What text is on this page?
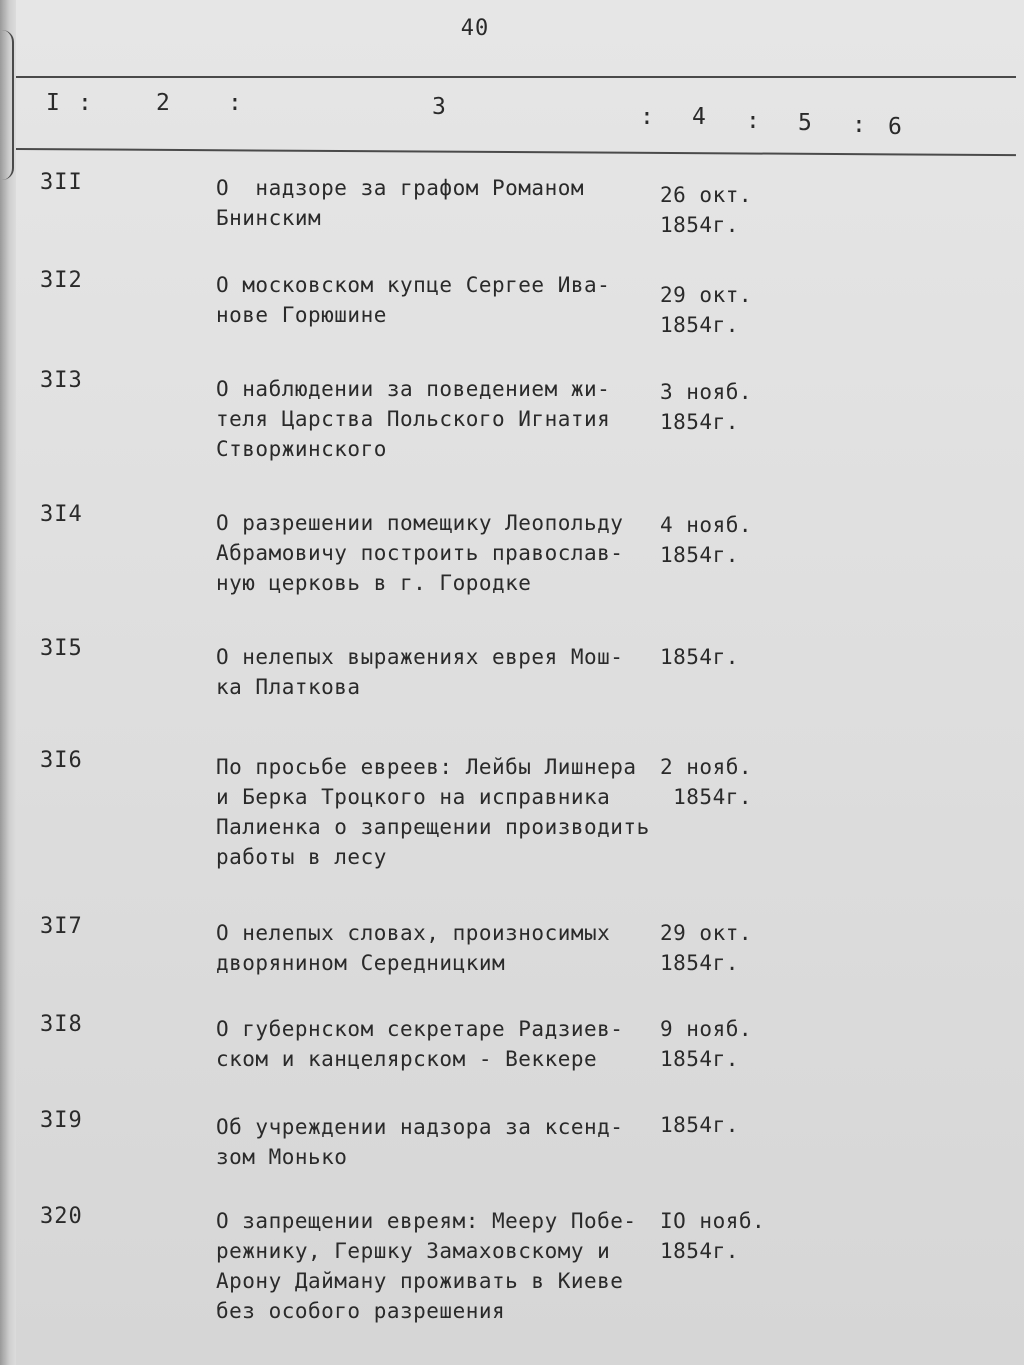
40
I :	2	:	3	: 4 : 5 : 6
3II	О  надзоре за графом Романом
Бнинским
26 окт.
1854г.
3I2	О московском купце Сергее Ива-
нове Горюшине
29 окт.
1854г.
3I3	О наблюдении за поведением жи-
теля Царства Польского Игнатия
Створжинского
3 нояб.
1854г.
3I4	О разрешении помещику Леопольду
Абрамовичу построить православ-
ную церковь в г. Городке
4 нояб.
1854г.
3I5	О нелепых выражениях еврея Мош-
ка Платкова
1854г.
3I6	По просьбе евреев: Лейбы Лишнера
и Берка Троцкого на исправника
Палиенка о запрещении производить
работы в лесу
2 нояб.
1854г.
3I7	О нелепых словах, произносимых
дворянином Середницким
29 окт.
1854г.
3I8	О губернском секретаре Радзиев-
ском и канцелярском - Веккере
9 нояб.
1854г.
3I9	Об учреждении надзора за ксенд-
зом Монько
1854г.
320	О запрещении евреям: Мееру Побе-
режнику, Гершку Замаховскому и
Арону Дайману проживать в Киеве
без особого разрешения
IO нояб.
1854г.
